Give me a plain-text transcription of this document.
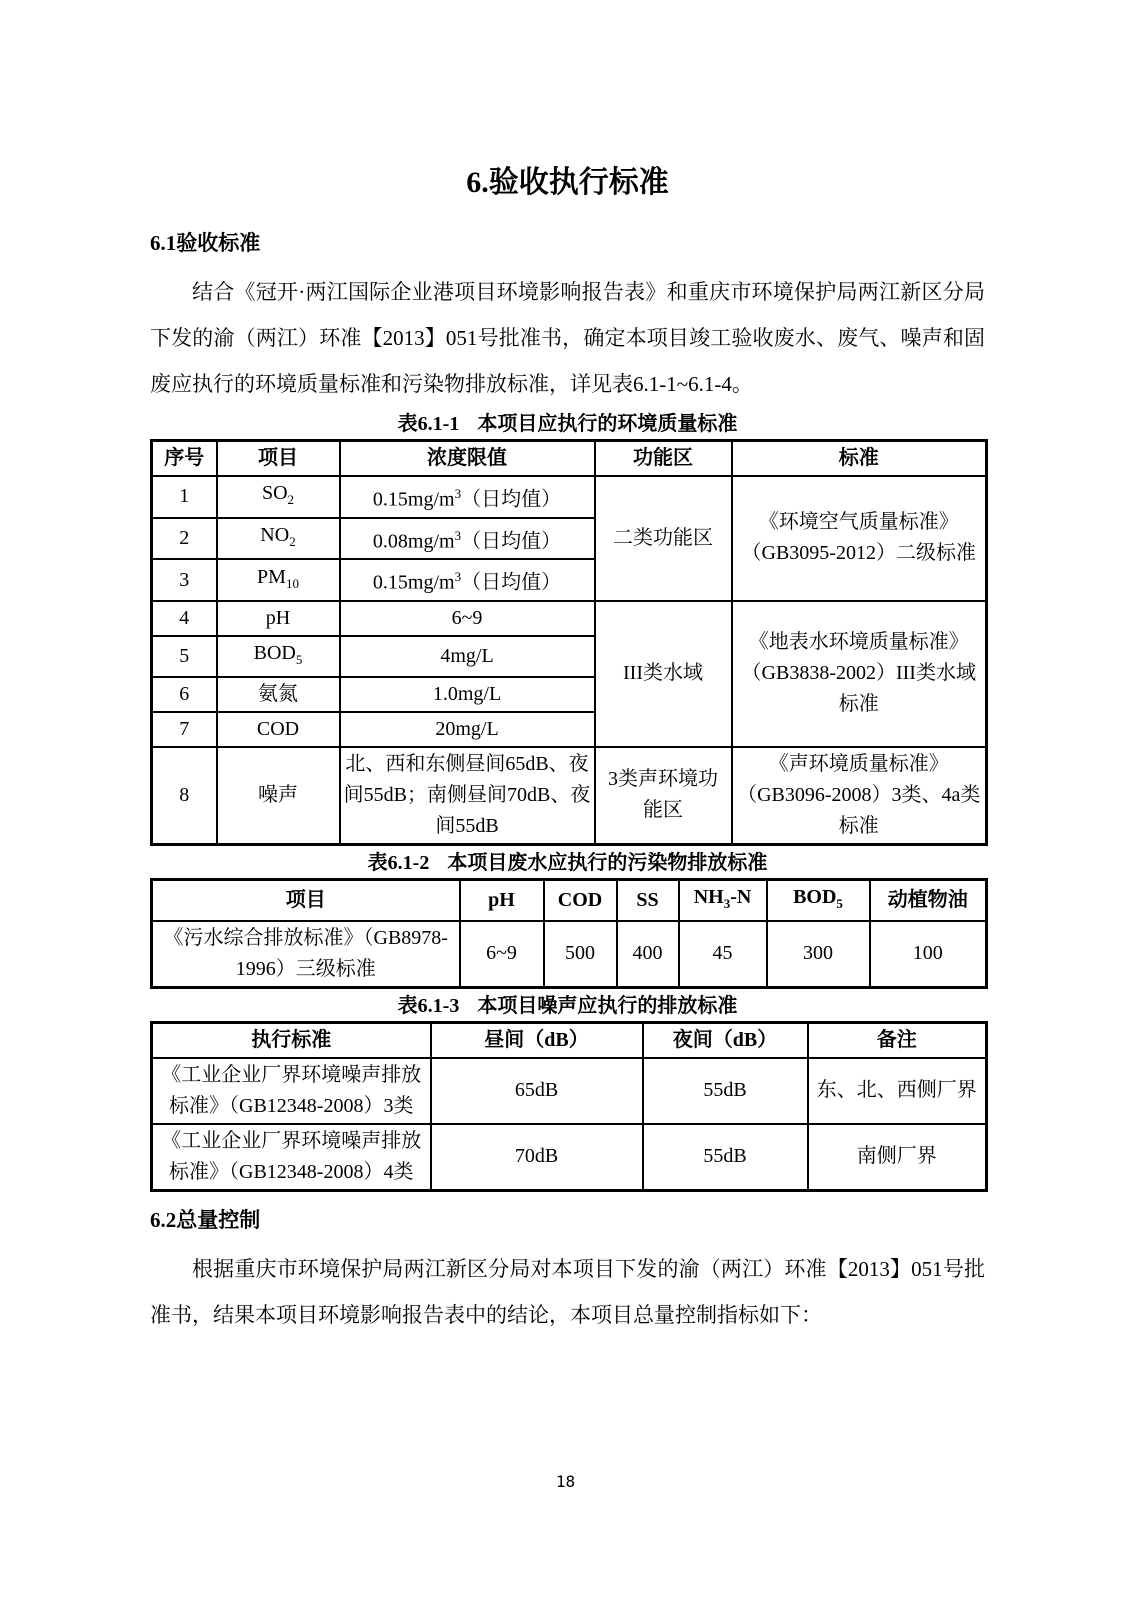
6.验收执行标准
6.1验收标准

结合《冠开·两江国际企业港项目环境影响报告表》和重庆市环境保护局两江新区分局下发的渝（两江）环准【2013】051号批准书，确定本项目竣工验收废水、废气、噪声和固废应执行的环境质量标准和污染物排放标准，详见表6.1-1~6.1-4。

表6.1-1 本项目应执行的环境质量标准

序号	项目	浓度限值	功能区	标准
1	$SO_2$	$0.15mg/m^3$（日均值）	二类功能区	《环境空气质量标准》（GB3095-2012）二级标准
2	$NO_2$	$0.08mg/m^3$（日均值）		
3	$PM_{10}$	$0.15mg/m^3$（日均值）		
4	pH	6~9	III类水域	《地表水环境质量标准》（GB3838-2002）III类水域标准
5	$BOD_5$	4mg/L		
6	氨氮	1.0mg/L		
7	COD	20mg/L		
8	噪声	北、西和东侧昼间65dB、夜间55dB；南侧昼间70dB、夜间55dB	3类声环境功能区	《声环境质量标准》（GB3096-2008）3类、4a类标准

表6.1-2 本项目废水应执行的污染物排放标准

项目	pH	COD	SS	$NH_3-N$	$BOD_5$	动植物油
《污水综合排放标准》（GB8978-1996）三级标准	6~9	500	400	45	300	100

表6.1-3 本项目噪声应执行的排放标准

执行标准	昼间（dB）	夜间（dB）	备注
《工业企业厂界环境噪声排放标准》（GB12348-2008）3类	65dB	55dB	东、北、西侧厂界
《工业企业厂界环境噪声排放标准》（GB12348-2008）4类	70dB	55dB	南侧厂界
6.2总量控制

根据重庆市环境保护局两江新区分局对本项目下发的渝（两江）环准【2013】051号批准书，结果本项目环境影响报告表中的结论，本项目总量控制指标如下：

18
